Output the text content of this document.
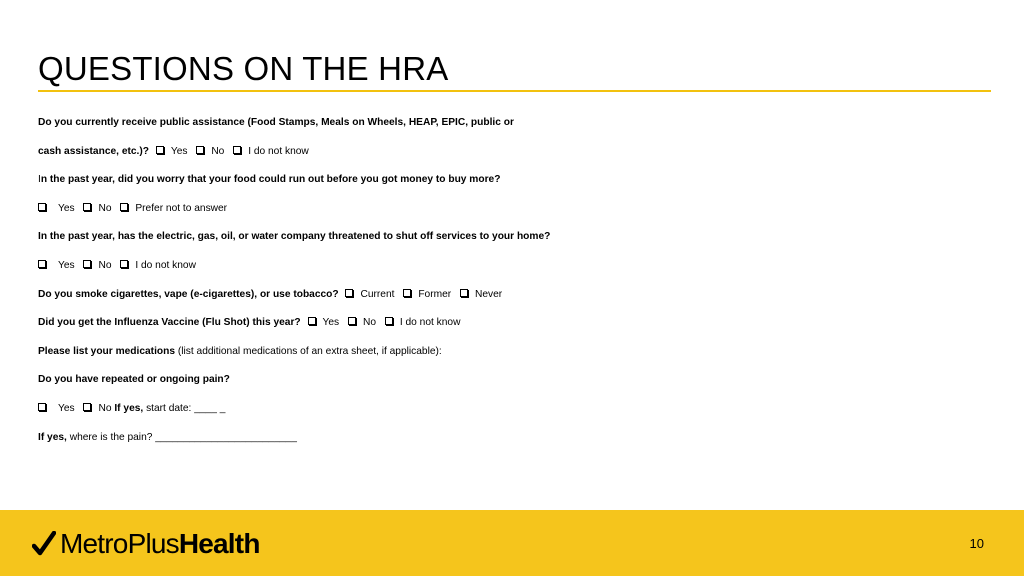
QUESTIONS ON THE HRA
Do you currently receive public assistance (Food Stamps, Meals on Wheels, HEAP, EPIC, public or
cash assistance, etc.)? Yes No I do not know
In the past year, did you worry that your food could run out before you got money to buy more?
Yes No Prefer not to answer
In the past year, has the electric, gas, oil, or water company threatened to shut off services to your home?
Yes No I do not know
Do you smoke cigarettes, vape (e-cigarettes), or use tobacco? Current Former Never
Did you get the Influenza Vaccine (Flu Shot) this year? Yes No I do not know
Please list your medications (list additional medications of an extra sheet, if applicable):
Do you have repeated or ongoing pain?
Yes No If yes, start date: ____ _
If yes, where is the pain? _________________________
MetroPlusHealth	10
